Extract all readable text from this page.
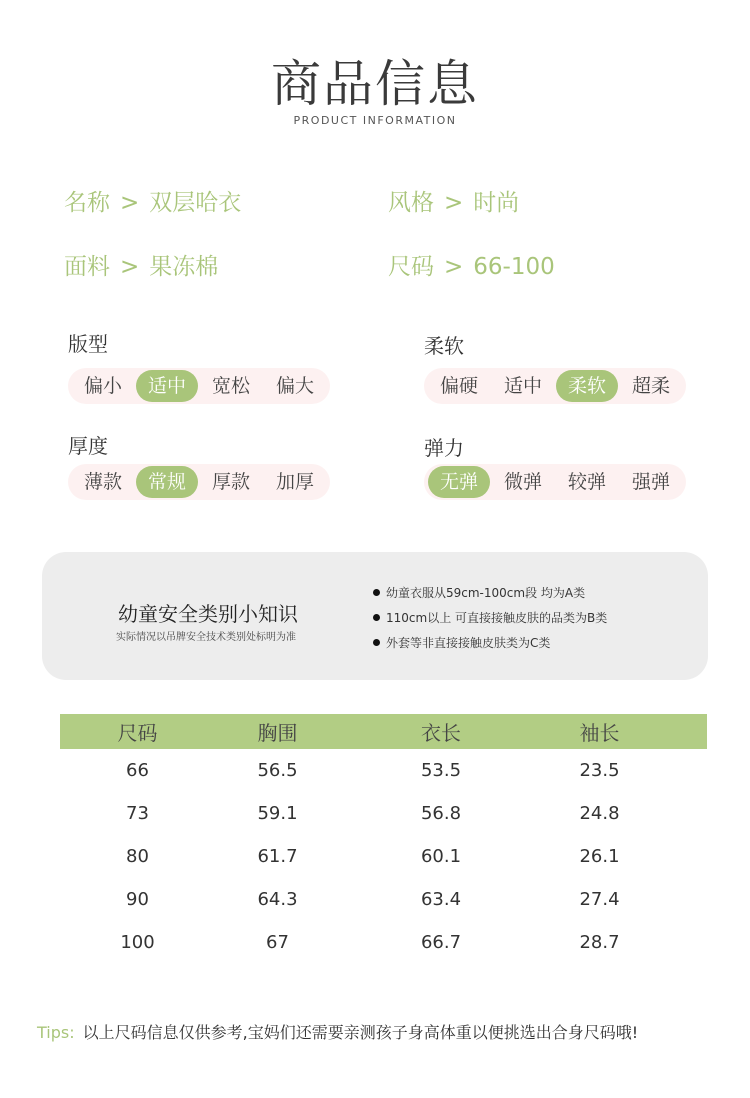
商品信息
PRODUCT INFORMATION
名称 > 双层哈衣	风格 > 时尚
面料 > 果冻棉	尺码 > 66-100
版型
偏小	适中	宽松	偏大
柔软
偏硬	适中	柔软	超柔
厚度
薄款	常规	厚款	加厚
弹力
无弹	微弹	较弹	强弹
幼童安全类别小知识
实际情况以吊牌安全技术类别处标明为准
幼童衣服从59cm-100cm段 均为A类
110cm以上 可直接接触皮肤的品类为B类
外套等非直接接触皮肤类为C类
尺码	胸围	衣长	袖长
66	56.5	53.5	23.5
73	59.1	56.8	24.8
80	61.7	60.1	26.1
90	64.3	63.4	27.4
100	67	66.7	28.7
Tips: 以上尺码信息仅供参考,宝妈们还需要亲测孩子身高体重以便挑选出合身尺码哦!
